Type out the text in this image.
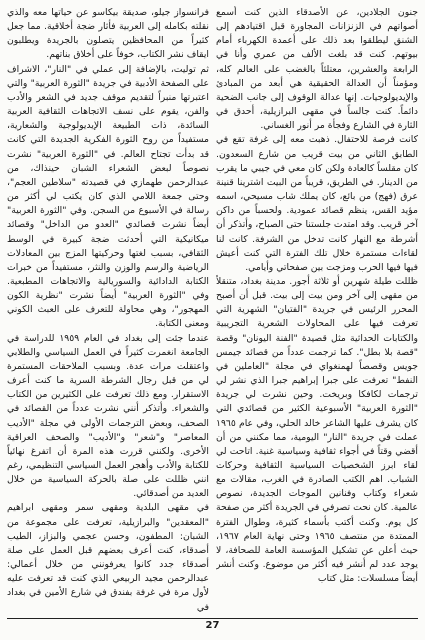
جنون الجلادين، عن الأصدقاء الذين كنت أسمع أصواتهم في الزنزانات المجاورة قبل اقتيادهم إلى الشنق ليطلقوا بعد ذلك على أعمدة الكهرباء أمام بيوتهم. كنت قد بلغت الألف من عمري وأنا في الرابعة والعشرين، معتلئاً بالغضب على العالم كله، ومؤمناً أن العدالة الحقيقية هي أبعد من المبادئ والإيديولوجيات. إنها عدالة الوقوف إلى جانب الضحية دائماً. كنت جالساً في مقهى البرازيلية، أحدق في الثارة في الشارع وفجأة مر أنور الغساني.

كانت فرصة للاحتفال. ذهبت معه إلى غرفة تقع في الطابق الثاني من بيت قريب من شارع السعدون. كان مقلساً كالعادة ولكن كان معي في جيبي ما يقرب من الدينار. في الطريق، قريباً من البيت اشترينا قنينة عرق (فهج) من بائع، كان يملك شاب مسيحي، اسمه مؤيد القس، ينظم قصائد عمودية. ولحسباً من داكن آخر قريب. وقد امتدت جلستنا حتى الصباح، وأتذكر أن أشرطة مع النهار كانت تدخل من الشرفة. كانت لنا لقاءات مستمرة خلال تلك الفترة التي كنت أعيش فيها فيها الحرب ومزجت بين صفحاتي وأيامي.

ظللت طيلة شهرين أو ثلاثة أجور. مدينة بغداد، متنقلاً من مقهى إلى آخر ومن بيت إلى بيت. قبل أن أصبح المحرر الرئيس في جريدة "الفتيان" الشهرية التي تعرفت فيها على المحاولات الشعرية التجريبية والكتابات الحداثية مثل قصيدة "الفنة اليونان" وقصة "قصة بلا بطل". كما ترجمت عدداً من قصائد جيمس جويس وقصصاً لهمنغواي في مجلة "العاملين في النفط" تعرفت على جبرا إبراهيم جبرا الذي نشر لي ترجمات لكافكا وبريخت. وحين نشرت لي جريدة "الثورة العربية" الأسبوعية الكثير من قصائدي التي كان يشرف عليها الشاعر خالد الحلي، وفي عام ١٩٦٥ عملت في جريدة "النار" اليومية، مما مكنني من أن أقضي وقتاً في أجواء ثقافية وسياسية غنية. اتاحت لي لقاء ابرز الشخصيات السياسية الثقافية وحركات الشباب. اهم الكتب الصادرة في الغرب، مقالات مع شعراء وكتاب وفنانين الموجات الجديدة، نصوص عالمية. كان نحت تصرفي في الجريدة أكثر من صفحة كل يوم. وكنت أكتب بأسماء كثيرة، وطوال الفترة الممتدة من منتصف ١٩٦٥ وحتى نهاية العام ١٩٦٧، حيث أعلن عن تشكيل المؤسسة العامة للصحافة، لا يوجد عدد لم أنشر فيه أكثر من موضوع. وكنت أنشر أيضاً مسلسلات: مثل كتاب

فرانسواز جيلو، صديقة بيكاسو عن حياتها معه والذي نقلته بكامله إلى العربية فأثار ضجة أخلاقية. مما جعل كثيراً من المحافظين يتصلون بالجريدة ويطلبون ايقاف نشر الكتاب، خوفاً على أخلاق بناتهم.

ثم توليت، بالإضافة إلى عملي في "النار"، الاشراف على الصفحة الأدبية في جريدة "الثورة العربية" والتي اعتبرتها منبراً لتقديم موقف جديد في الشعر والأدب والفن، يقوم على نسف الاتجاهات الثقافية العربية السائدة، ذات الطبيعة الإيديولوجية والشعارية، مستفيداً من روح الثورة الفكرية الجديدة التي كانت قد بدأت تجتاح العالم. في "الثورة العربية" نشرت نصوصاً لبعض الشعراء الشبان حينذاك، من عبدالرحمن طهمازي في قصيدته "سلاطين العجم"، وحتى جمعة اللامي الذي كان يكتب لي أكثر من رسالة في الأسبوع من السجن. وفي "الثورة العربية" أيضاً نشرت قصائدي "العدو من الداخل" وقصائد ميكانيكية التي أحدثت ضجة كبيرة في الوسط الثقافي، بسبب لغتها وحركيتها المزج بين المعادلات الرياضية والرسم والوزن والنثر، مستفيداً من خبرات الكتابة الدادائية والسوريالية والاتجاهات المطبعية. وفي "الثورة العربية" أيضاً نشرت "نظرية الكون المهجور"، وهي محاولة للتعرف على العبث الكوني ومعنى الكتابة.

عندما جئت إلى بغداد في العام ١٩٥٩ للدراسة في الجامعة انغمرت كثيراً في العمل السياسي والطلابي واعتقلت مرات عدة. وبسبب الملاحقات المستمرة لي من قبل رجال الشرطة السرية ما كنت أعرف الاستقرار. ومع ذلك تعرفت على الكثيرين من الكتاب والشعراء. وأتذكر أنني نشرت عدداً من القصائد في الصحف، وبعض الترجمات الأولى في مجلة "الأديب المعاصر" و"شعر" و"الأديب" والصحف العراقية الأخرى. ولكنني قررت هذه المرة أن اتفرغ نهائياً للكتابة والأدب وأهجر العمل السياسي التنظيمي، رغم انني ظللت على صلة بالحركة السياسية من خلال العديد من أصدقائي.

في مقهى البلدية ومقهى سمر ومقهى ابراهيم "المعقدين" والبرازيلية، تعرفت على مجموعة من الشبان: المطفون، وحسن عجمي والبزاز، الطيب أصدقاء، كنت أعرف بعضهم قبل العمل على صلة أصدقاء جدد كانوا يعرفونني من خلال أعمالي: عبدالرحمن مجيد الربيعي الذي كنت قد تعرفت عليه لأول مرة في غرفة بفندق في شارع الأمين في بغداد في

27
